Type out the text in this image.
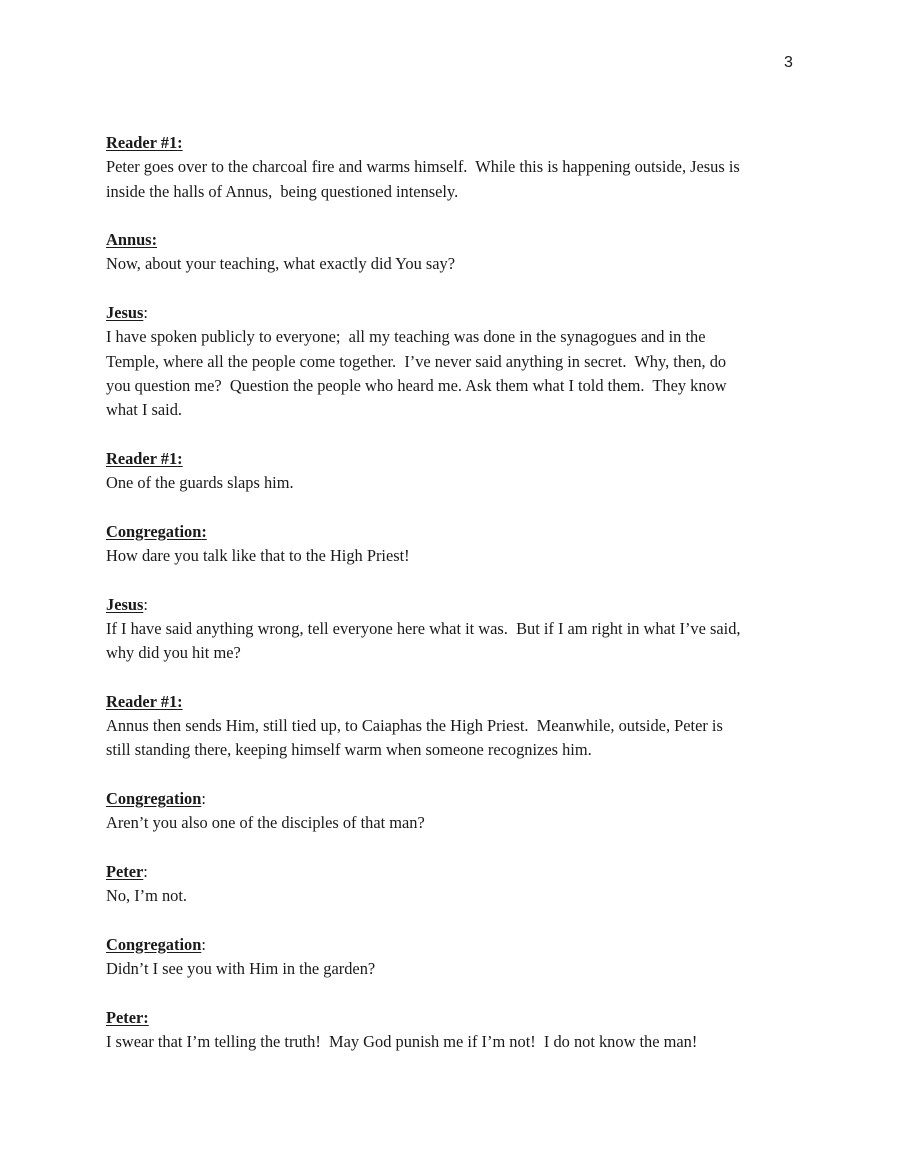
3
Reader #1:
Peter goes over to the charcoal fire and warms himself.  While this is happening outside, Jesus is
inside the halls of Annus,  being questioned intensely.
Annus:
Now, about your teaching, what exactly did You say?
Jesus:
I have spoken publicly to everyone;  all my teaching was done in the synagogues and in the
Temple, where all the people come together.  I’ve never said anything in secret.  Why, then, do
you question me?  Question the people who heard me. Ask them what I told them.  They know
what I said.
Reader #1:
One of the guards slaps him.
Congregation:
How dare you talk like that to the High Priest!
Jesus:
If I have said anything wrong, tell everyone here what it was.  But if I am right in what I’ve said,
why did you hit me?
Reader #1:
Annus then sends Him, still tied up, to Caiaphas the High Priest.  Meanwhile, outside, Peter is
still standing there, keeping himself warm when someone recognizes him.
Congregation:
Aren’t you also one of the disciples of that man?
Peter:
No, I’m not.
Congregation:
Didn’t I see you with Him in the garden?
Peter:
I swear that I’m telling the truth!  May God punish me if I’m not!  I do not know the man!
